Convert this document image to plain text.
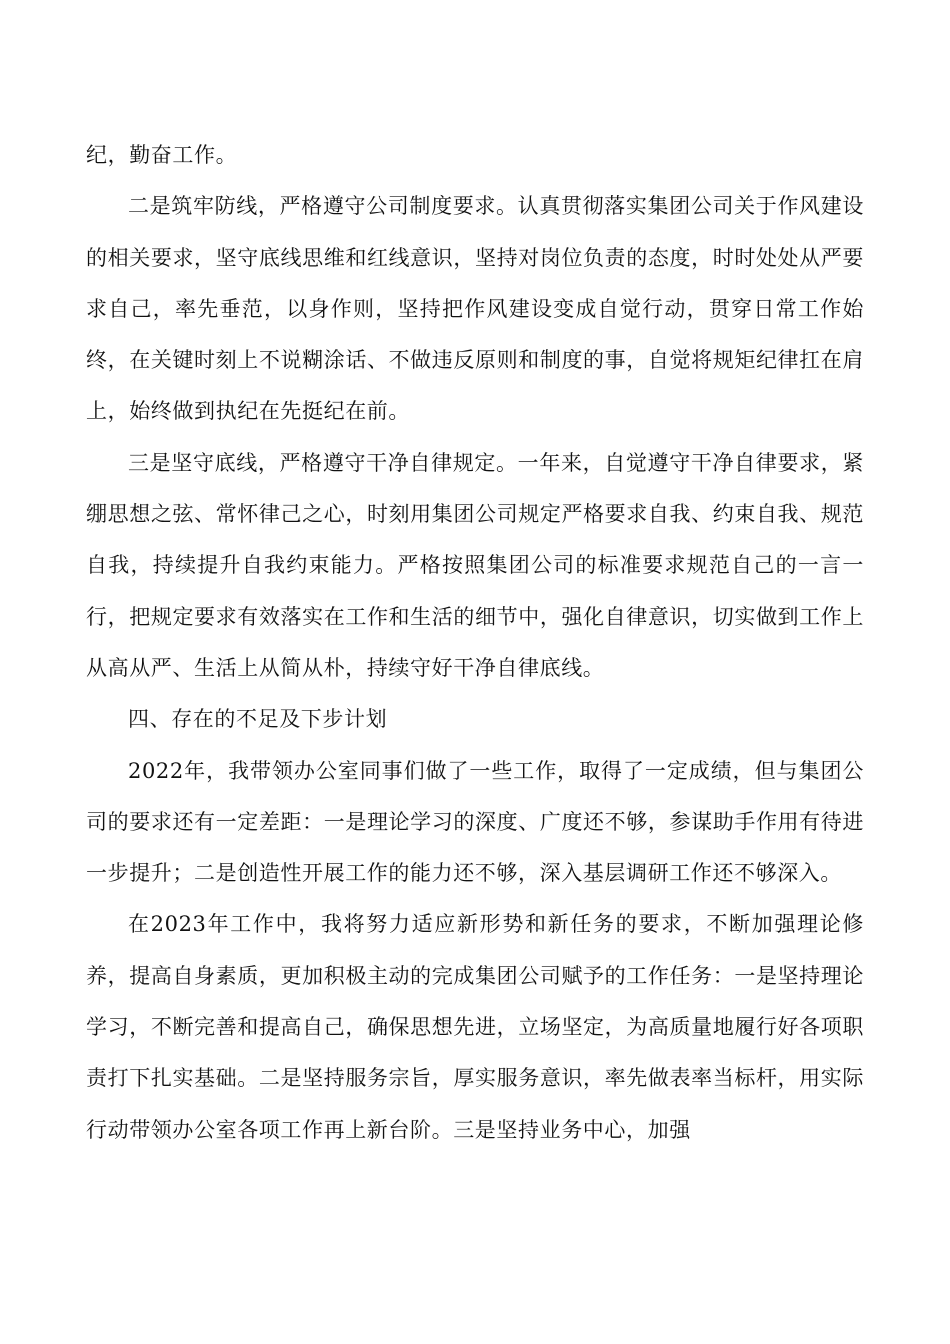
纪，勤奋工作。

二是筑牢防线，严格遵守公司制度要求。认真贯彻落实集团公司关于作风建设的相关要求，坚守底线思维和红线意识，坚持对岗位负责的态度，时时处处从严要求自己，率先垂范，以身作则，坚持把作风建设变成自觉行动，贯穿日常工作始终，在关键时刻上不说糊涂话、不做违反原则和制度的事，自觉将规矩纪律扛在肩上，始终做到执纪在先挺纪在前。

三是坚守底线，严格遵守干净自律规定。一年来，自觉遵守干净自律要求，紧绷思想之弦、常怀律己之心，时刻用集团公司规定严格要求自我、约束自我、规范自我，持续提升自我约束能力。严格按照集团公司的标准要求规范自己的一言一行，把规定要求有效落实在工作和生活的细节中，强化自律意识，切实做到工作上从高从严、生活上从简从朴，持续守好干净自律底线。

四、存在的不足及下步计划

2022年，我带领办公室同事们做了一些工作，取得了一定成绩，但与集团公司的要求还有一定差距：一是理论学习的深度、广度还不够，参谋助手作用有待进一步提升；二是创造性开展工作的能力还不够，深入基层调研工作还不够深入。

在2023年工作中，我将努力适应新形势和新任务的要求，不断加强理论修养，提高自身素质，更加积极主动的完成集团公司赋予的工作任务：一是坚持理论学习，不断完善和提高自己，确保思想先进，立场坚定，为高质量地履行好各项职责打下扎实基础。二是坚持服务宗旨，厚实服务意识，率先做表率当标杆，用实际行动带领办公室各项工作再上新台阶。三是坚持业务中心，加强
